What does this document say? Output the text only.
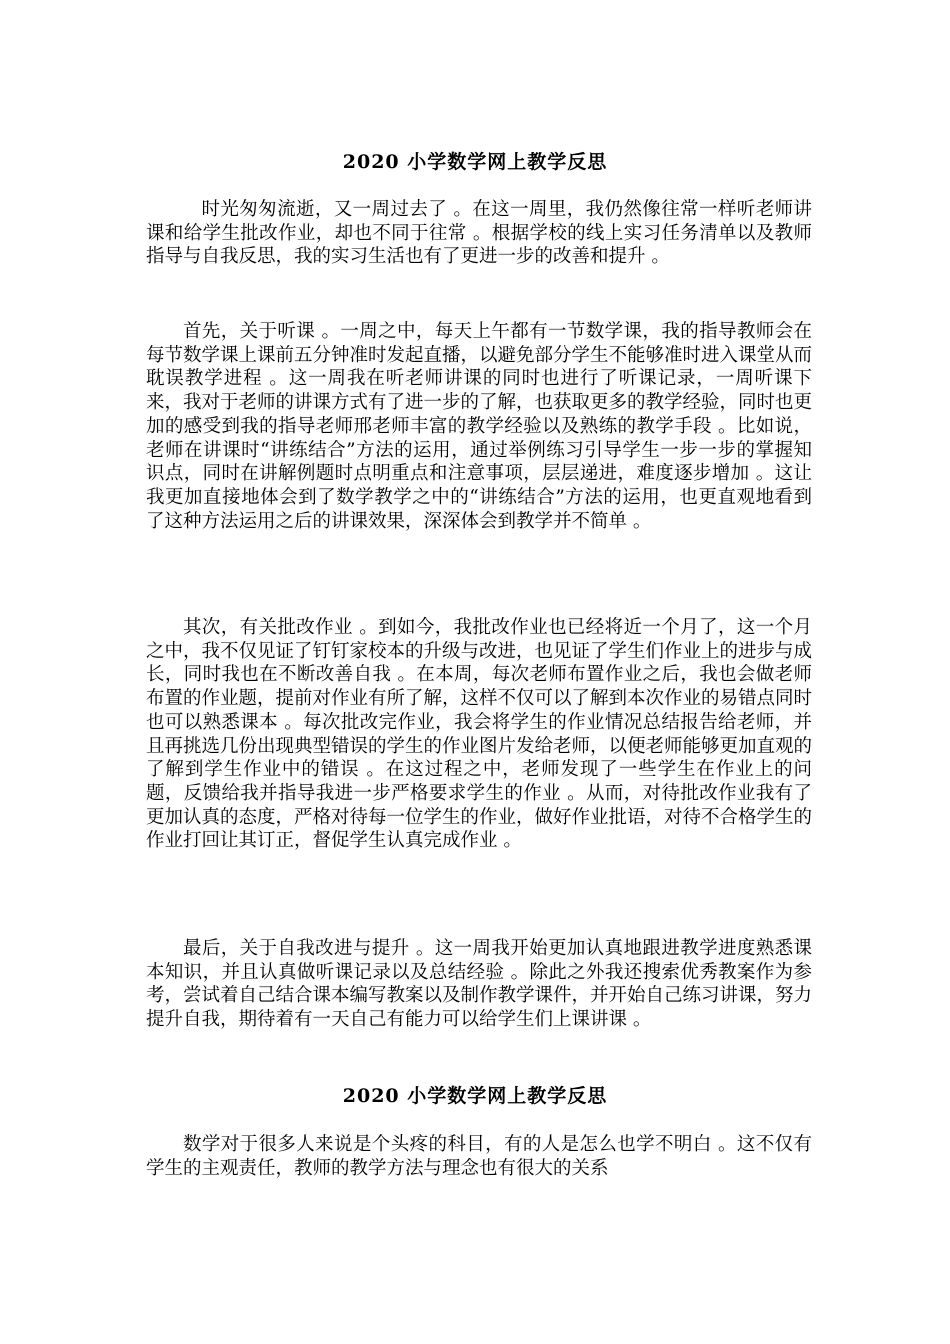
2020 小学数学网上教学反思

时光匆匆流逝，又一周过去了 。在这一周里，我仍然像往常一样听老师讲课和给学生批改作业，却也不同于往常 。根据学校的线上实习任务清单以及教师指导与自我反思，我的实习生活也有了更进一步的改善和提升 。

首先，关于听课 。一周之中，每天上午都有一节数学课，我的指导教师会在每节数学课上课前五分钟准时发起直播，以避免部分学生不能够准时进入课堂从而耽误教学进程 。这一周我在听老师讲课的同时也进行了听课记录，一周听课下来，我对于老师的讲课方式有了进一步的了解，也获取更多的教学经验，同时也更加的感受到我的指导老师邢老师丰富的教学经验以及熟练的教学手段 。比如说，老师在讲课时“讲练结合”方法的运用，通过举例练习引导学生一步一步的掌握知识点，同时在讲解例题时点明重点和注意事项，层层递进，难度逐步增加 。这让我更加直接地体会到了数学教学之中的“讲练结合”方法的运用，也更直观地看到了这种方法运用之后的讲课效果，深深体会到教学并不简单 。

其次，有关批改作业 。到如今，我批改作业也已经将近一个月了，这一个月之中，我不仅见证了钉钉家校本的升级与改进，也见证了学生们作业上的进步与成长，同时我也在不断改善自我 。在本周，每次老师布置作业之后，我也会做老师布置的作业题，提前对作业有所了解，这样不仅可以了解到本次作业的易错点同时也可以熟悉课本 。每次批改完作业，我会将学生的作业情况总结报告给老师，并且再挑选几份出现典型错误的学生的作业图片发给老师，以便老师能够更加直观的了解到学生作业中的错误 。在这过程之中，老师发现了一些学生在作业上的问题，反馈给我并指导我进一步严格要求学生的作业 。从而，对待批改作业我有了更加认真的态度，严格对待每一位学生的作业，做好作业批语，对待不合格学生的作业打回让其订正，督促学生认真完成作业 。

最后，关于自我改进与提升 。这一周我开始更加认真地跟进教学进度熟悉课本知识，并且认真做听课记录以及总结经验 。除此之外我还搜索优秀教案作为参考，尝试着自己结合课本编写教案以及制作教学课件，并开始自己练习讲课，努力提升自我，期待着有一天自己有能力可以给学生们上课讲课 。

2020 小学数学网上教学反思

数学对于很多人来说是个头疼的科目，有的人是怎么也学不明白 。这不仅有学生的主观责任，教师的教学方法与理念也有很大的关系
